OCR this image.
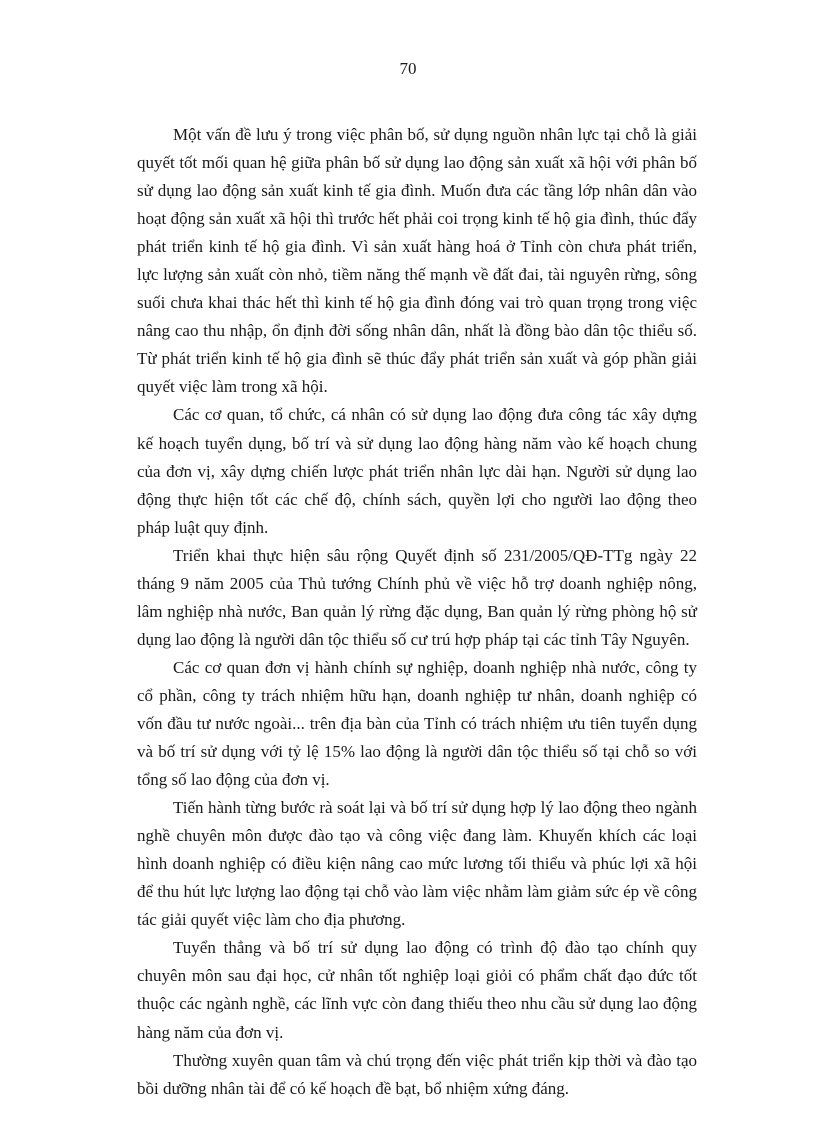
70

Một vấn đề lưu ý trong việc phân bố, sử dụng nguồn nhân lực tại chỗ là giải quyết tốt mối quan hệ giữa phân bố sử dụng lao động sản xuất xã hội với phân bố sử dụng lao động sản xuất kinh tế gia đình. Muốn đưa các tầng lớp nhân dân vào hoạt động sản xuất xã hội thì trước hết phải coi trọng kinh tế hộ gia đình, thúc đẩy phát triển kinh tế hộ gia đình. Vì sản xuất hàng hoá ở Tỉnh còn chưa phát triển, lực lượng sản xuất còn nhỏ, tiềm năng thế mạnh về đất đai, tài nguyên rừng, sông suối chưa khai thác hết thì kinh tế hộ gia đình đóng vai trò quan trọng trong việc nâng cao thu nhập, ổn định đời sống nhân dân, nhất là đồng bào dân tộc thiểu số. Từ phát triển kinh tế hộ gia đình sẽ thúc đẩy phát triển sản xuất và góp phần giải quyết việc làm trong xã hội.

Các cơ quan, tổ chức, cá nhân có sử dụng lao động đưa công tác xây dựng kế hoạch tuyển dụng, bố trí và sử dụng lao động hàng năm vào kế hoạch chung của đơn vị, xây dựng chiến lược phát triển nhân lực dài hạn. Người sử dụng lao động thực hiện tốt các chế độ, chính sách, quyền lợi cho người lao động theo pháp luật quy định.

Triển khai thực hiện sâu rộng Quyết định số 231/2005/QĐ-TTg ngày 22 tháng 9 năm 2005 của Thủ tướng Chính phủ về việc hỗ trợ doanh nghiệp nông, lâm nghiệp nhà nước, Ban quản lý rừng đặc dụng, Ban quản lý rừng phòng hộ sử dụng lao động là người dân tộc thiểu số cư trú hợp pháp tại các tỉnh Tây Nguyên.

Các cơ quan đơn vị hành chính sự nghiệp, doanh nghiệp nhà nước, công ty cổ phần, công ty trách nhiệm hữu hạn, doanh nghiệp tư nhân, doanh nghiệp có vốn đầu tư nước ngoài... trên địa bàn của Tỉnh có trách nhiệm ưu tiên tuyển dụng và bố trí sử dụng với tỷ lệ 15% lao động là người dân tộc thiểu số tại chỗ so với tổng số lao động của đơn vị.

Tiến hành từng bước rà soát lại và bố trí sử dụng hợp lý lao động theo ngành nghề chuyên môn được đào tạo và công việc đang làm. Khuyến khích các loại hình doanh nghiệp có điều kiện nâng cao mức lương tối thiểu và phúc lợi xã hội để thu hút lực lượng lao động tại chỗ vào làm việc nhằm làm giảm sức ép về công tác giải quyết việc làm cho địa phương.

Tuyển thẳng và bố trí sử dụng lao động có trình độ đào tạo chính quy chuyên môn sau đại học, cử nhân tốt nghiệp loại giỏi có phẩm chất đạo đức tốt thuộc các ngành nghề, các lĩnh vực còn đang thiếu theo nhu cầu sử dụng lao động hàng năm của đơn vị.

Thường xuyên quan tâm và chú trọng đến việc phát triển kịp thời và đào tạo bồi dưỡng nhân tài để có kế hoạch đề bạt, bổ nhiệm xứng đáng.
